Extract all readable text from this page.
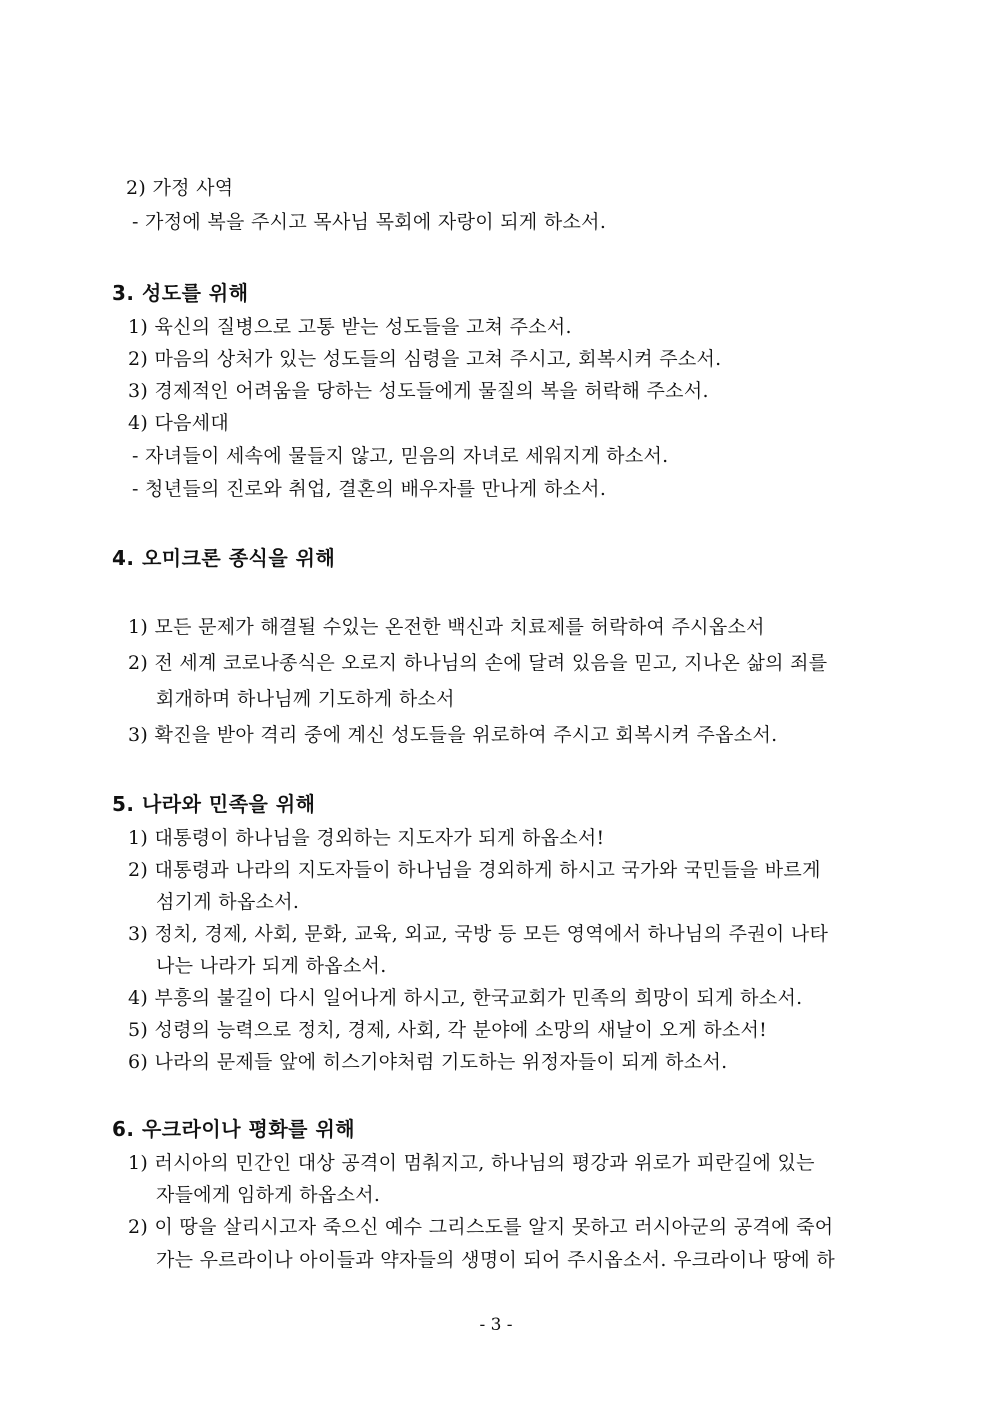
2) 가정 사역
- 가정에 복을 주시고 목사님 목회에 자랑이 되게 하소서.
3. 성도를 위해
1) 육신의 질병으로 고통 받는 성도들을 고쳐 주소서.
2) 마음의 상처가 있는 성도들의 심령을 고쳐 주시고, 회복시켜 주소서.
3) 경제적인 어려움을 당하는 성도들에게 물질의 복을 허락해 주소서.
4) 다음세대
- 자녀들이 세속에 물들지 않고, 믿음의 자녀로 세워지게 하소서.
- 청년들의 진로와 취업, 결혼의 배우자를 만나게 하소서.
4. 오미크론 종식을 위해
1) 모든 문제가 해결될 수있는 온전한 백신과 치료제를 허락하여 주시옵소서
2) 전 세계 코로나종식은 오로지 하나님의 손에 달려 있음을 믿고, 지나온 삶의 죄를
회개하며 하나님께 기도하게 하소서
3) 확진을 받아 격리 중에 계신 성도들을 위로하여 주시고 회복시켜 주옵소서.
5. 나라와 민족을 위해
1) 대통령이 하나님을 경외하는 지도자가 되게 하옵소서!
2) 대통령과 나라의 지도자들이 하나님을 경외하게 하시고 국가와 국민들을 바르게
섬기게 하옵소서.
3) 정치, 경제, 사회, 문화, 교육, 외교, 국방 등 모든 영역에서 하나님의 주권이 나타
나는 나라가 되게 하옵소서.
4) 부흥의 불길이 다시 일어나게 하시고, 한국교회가 민족의 희망이 되게 하소서.
5) 성령의 능력으로 정치, 경제, 사회, 각 분야에 소망의 새날이 오게 하소서!
6) 나라의 문제들 앞에 히스기야처럼 기도하는 위정자들이 되게 하소서.
6. 우크라이나 평화를 위해
1) 러시아의 민간인 대상 공격이 멈춰지고, 하나님의 평강과 위로가 피란길에 있는
자들에게 임하게 하옵소서.
2) 이 땅을 살리시고자 죽으신 예수 그리스도를 알지 못하고 러시아군의 공격에 죽어
가는 우르라이나 아이들과 약자들의 생명이 되어 주시옵소서. 우크라이나 땅에 하
- 3 -
